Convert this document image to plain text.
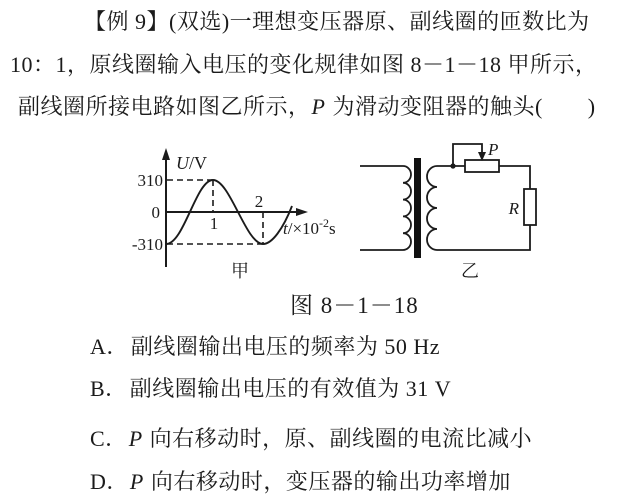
【例 9】(双选)一理想变压器原、副线圈的匝数比为
10：1，原线圈输入电压的变化规律如图 8－1－18 甲所示，
副线圈所接电路如图乙所示，P 为滑动变阻器的触头(　　)
310
0
-310
1
2
U/V
$t/\times 10^{-2}s$
甲
P
R
乙
图 8－1－18
A．副线圈输出电压的频率为 50 Hz
B．副线圈输出电压的有效值为 31 V
C．P 向右移动时，原、副线圈的电流比减小
D．P 向右移动时，变压器的输出功率增加
